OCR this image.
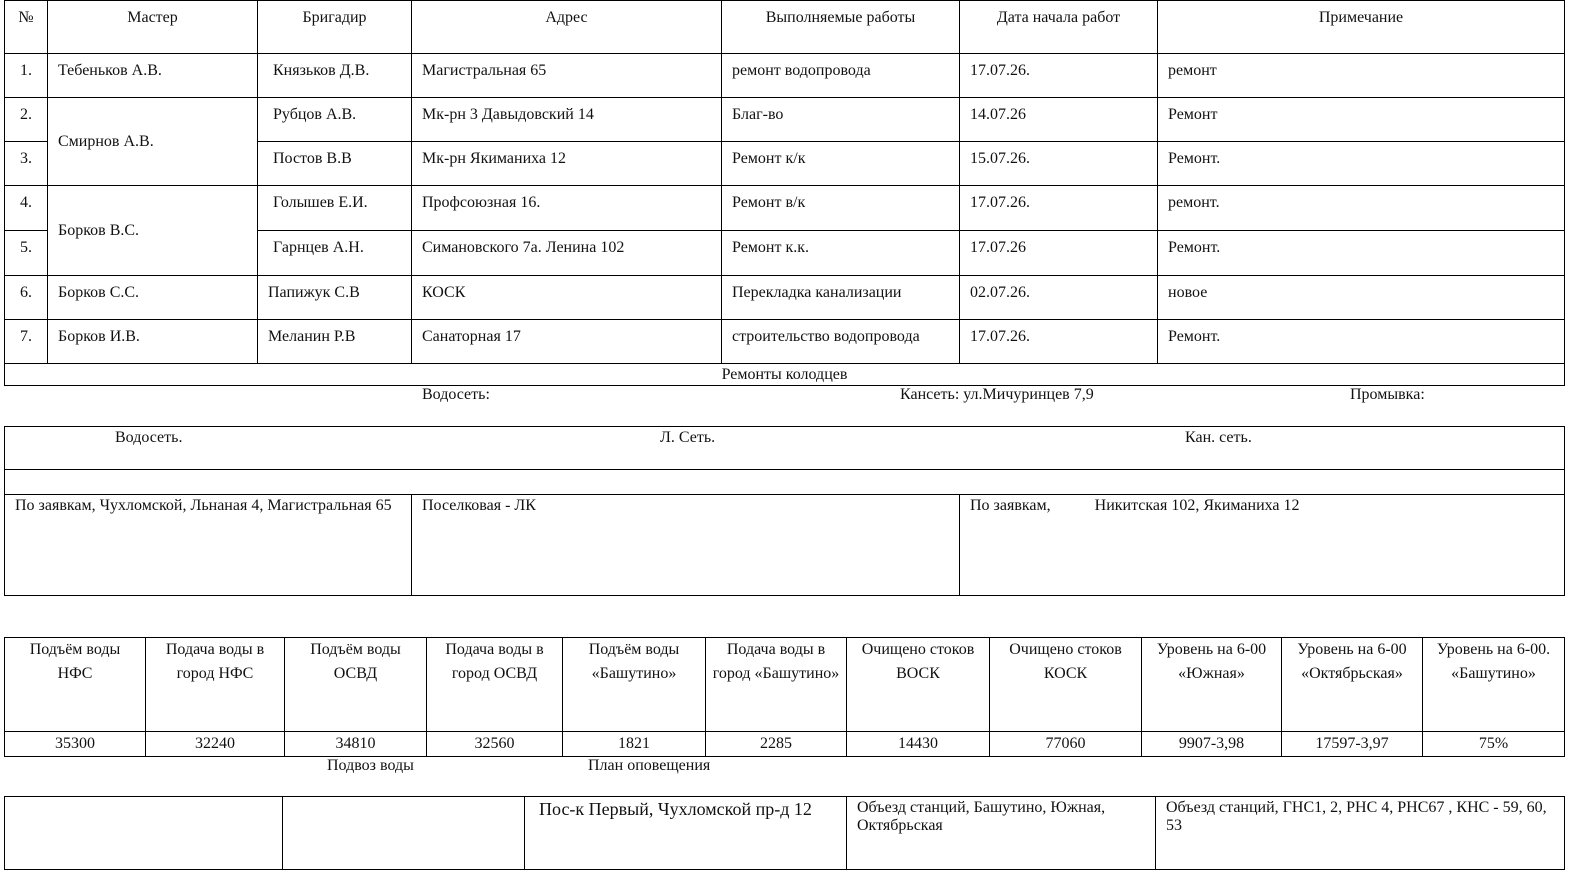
№	Мастер	Бригадир	Адрес	Выполняемые работы	Дата начала работ	Примечание
1.	Тебеньков А.В.	Князьков Д.В.	Магистральная 65	ремонт водопровода	17.07.26.	ремонт
2.	Смирнов А.В.	Рубцов А.В.	Мк-рн 3 Давыдовский 14	Благ-во	14.07.26	Ремонт
3.		Постов В.В	Мк-рн Якиманиха 12	Ремонт к/к	15.07.26.	Ремонт.
4.	Борков В.С.	Голышев Е.И.	Профсоюзная 16.	Ремонт в/к	17.07.26.	ремонт.
5.		Гарнцев А.Н.	Симановского 7а. Ленина 102	Ремонт к.к.	17.07.26	Ремонт.
6.	Борков С.С.	Папижук С.В	КОСК	Перекладка канализации	02.07.26.	новое
7.	Борков И.В.	Меланин Р.В	Санаторная 17	строительство водопровода	17.07.26.	Ремонт.
Ремонты колодцев						
Водосеть:	Кансеть: ул.Мичуринцев 7,9	Промывка:
Водосеть.	Л. Сеть.	Кан. сеть.

По заявкам, Чухломской, Льнаная 4, Магистральная 65	Поселковая - ЛК	По заявкам,           Никитская 102, Якиманиха 12
Подъём воды НФС	Подача воды в город НФС	Подъём воды ОСВД	Подача воды в город ОСВД	Подъём воды «Башутино»	Подача воды в город «Башутино»	Очищено стоков ВОСК	Очищено стоков КОСК	Уровень на 6-00 «Южная»	Уровень на 6-00 «Октябрьская»	Уровень на 6-00. «Башутино»
35300	32240	34810	32560	1821	2285	14430	77060	9907-3,98	17597-3,97	75%
Подвоз воды	План оповещения
		Пос-к Первый, Чухломской пр-д 12	Объезд станций, Башутино, Южная, Октябрьская	Объезд станций, ГНС1, 2, РНС 4, РНС67 , КНС - 59, 60, 53
